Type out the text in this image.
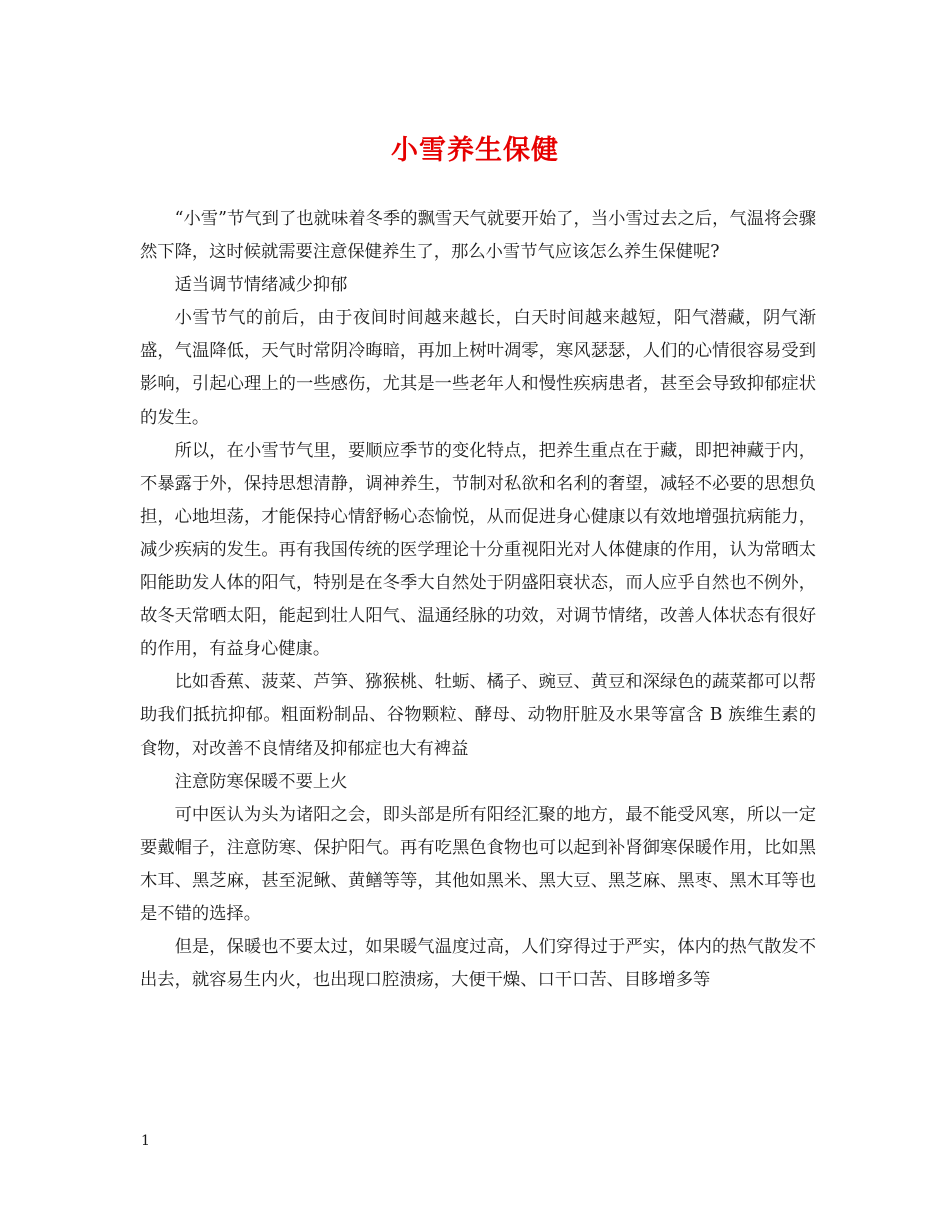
小雪养生保健

“小雪”节气到了也就味着冬季的飘雪天气就要开始了，当小雪过去之后，气温将会骤然下降，这时候就需要注意保健养生了，那么小雪节气应该怎么养生保健呢?

适当调节情绪减少抑郁

小雪节气的前后，由于夜间时间越来越长，白天时间越来越短，阳气潜藏，阴气渐盛，气温降低，天气时常阴冷晦暗，再加上树叶凋零，寒风瑟瑟，人们的心情很容易受到影响，引起心理上的一些感伤，尤其是一些老年人和慢性疾病患者，甚至会导致抑郁症状的发生。

所以，在小雪节气里，要顺应季节的变化特点，把养生重点在于藏，即把神藏于内，不暴露于外，保持思想清静，调神养生，节制对私欲和名利的奢望，减轻不必要的思想负担，心地坦荡，才能保持心情舒畅心态愉悦，从而促进身心健康以有效地增强抗病能力，减少疾病的发生。再有我国传统的医学理论十分重视阳光对人体健康的作用，认为常晒太阳能助发人体的阳气，特别是在冬季大自然处于阴盛阳衰状态，而人应乎自然也不例外，故冬天常晒太阳，能起到壮人阳气、温通经脉的功效，对调节情绪，改善人体状态有很好的作用，有益身心健康。

比如香蕉、菠菜、芦笋、猕猴桃、牡蛎、橘子、豌豆、黄豆和深绿色的蔬菜都可以帮助我们抵抗抑郁。粗面粉制品、谷物颗粒、酵母、动物肝脏及水果等富含 B 族维生素的食物，对改善不良情绪及抑郁症也大有裨益

注意防寒保暖不要上火

可中医认为头为诸阳之会，即头部是所有阳经汇聚的地方，最不能受风寒，所以一定要戴帽子，注意防寒、保护阳气。再有吃黑色食物也可以起到补肾御寒保暖作用，比如黑木耳、黑芝麻，甚至泥鳅、黄鳝等等，其他如黑米、黑大豆、黑芝麻、黑枣、黑木耳等也是不错的选择。

但是，保暖也不要太过，如果暖气温度过高，人们穿得过于严实，体内的热气散发不出去，就容易生内火，也出现口腔溃疡，大便干燥、口干口苦、目眵增多等

1
